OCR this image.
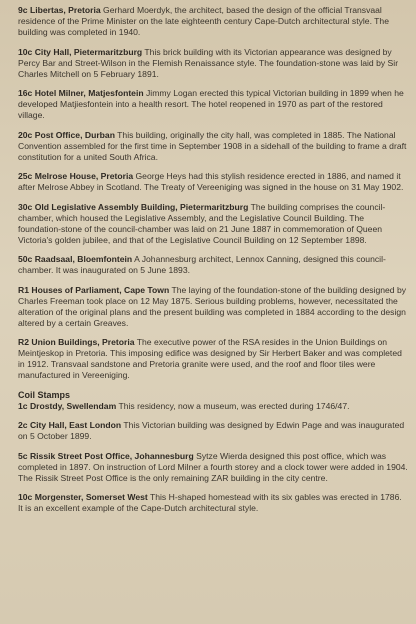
9c Libertas, Pretoria Gerhard Moerdyk, the architect, based the design of the official Transvaal residence of the Prime Minister on the late eighteenth century Cape-Dutch architectural style. The building was completed in 1940.

10c City Hall, Pietermaritzburg This brick building with its Victorian appearance was designed by Percy Bar and Street-Wilson in the Flemish Renaissance style. The foundation-stone was laid by Sir Charles Mitchell on 5 February 1891.

16c Hotel Milner, Matjesfontein Jimmy Logan erected this typical Victorian building in 1899 when he developed Matjiesfontein into a health resort. The hotel reopened in 1970 as part of the restored village.

20c Post Office, Durban This building, originally the city hall, was completed in 1885. The National Convention assembled for the first time in September 1908 in a sidehall of the building to frame a draft constitution for a united South Africa.

25c Melrose House, Pretoria George Heys had this stylish residence erected in 1886, and named it after Melrose Abbey in Scotland. The Treaty of Vereeniging was signed in the house on 31 May 1902.

30c Old Legislative Assembly Building, Pietermaritzburg The building comprises the council-chamber, which housed the Legislative Assembly, and the Legislative Council Building. The foundation-stone of the council-chamber was laid on 21 June 1887 in commemoration of Queen Victoria's golden jubilee, and that of the Legislative Council Building on 12 September 1898.

50c Raadsaal, Bloemfontein A Johannesburg architect, Lennox Canning, designed this council-chamber. It was inaugurated on 5 June 1893.

R1 Houses of Parliament, Cape Town The laying of the foundation-stone of the building designed by Charles Freeman took place on 12 May 1875. Serious building problems, however, necessitated the alteration of the original plans and the present building was completed in 1884 according to the design altered by a certain Greaves.

R2 Union Buildings, Pretoria The executive power of the RSA resides in the Union Buildings on Meintjeskop in Pretoria. This imposing edifice was designed by Sir Herbert Baker and was completed in 1912. Transvaal sandstone and Pretoria granite were used, and the roof and floor tiles were manufactured in Vereeniging.

Coil Stamps

1c Drostdy, Swellendam This residency, now a museum, was erected during 1746/47.

2c City Hall, East London This Victorian building was designed by Edwin Page and was inaugurated on 5 October 1899.

5c Rissik Street Post Office, Johannesburg Sytze Wierda designed this post office, which was completed in 1897. On instruction of Lord Milner a fourth storey and a clock tower were added in 1904. The Rissik Street Post Office is the only remaining ZAR building in the city centre.

10c Morgenster, Somerset West This H-shaped homestead with its six gables was erected in 1786. It is an excellent example of the Cape-Dutch architectural style.
